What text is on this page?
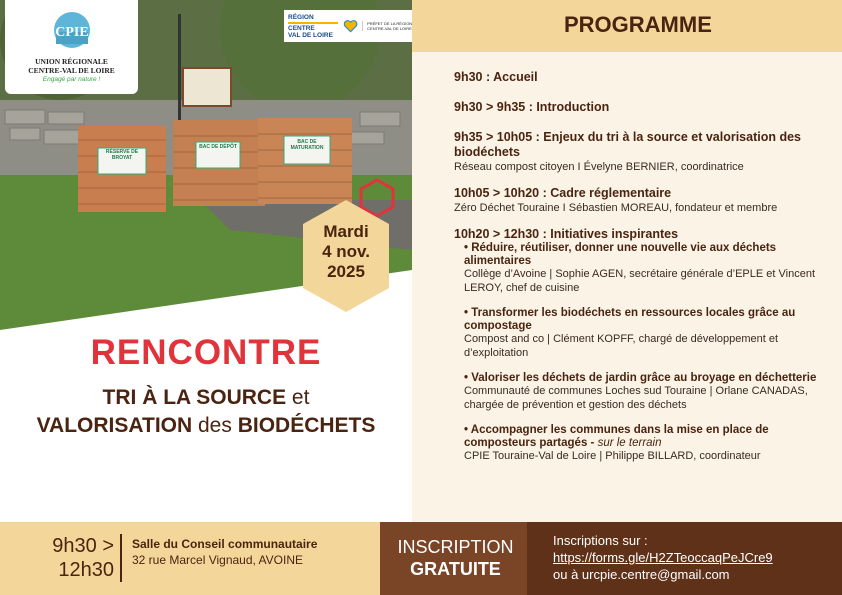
RÉSERVE DE BROYAT
BAC DE DÉPÔT
BAC DE MATURATION
CPIE
UNION RÉGIONALE
CENTRE-VAL DE LOIRE
Engagé par nature !
RÉGION
CENTRE
VAL DE LOIRE
PRÉFET DE LA RÉGION CENTRE-VAL DE LOIRE
Mardi
4 nov.
2025
RENCONTRE
TRI À LA SOURCE et
VALORISATION des BIODÉCHETS
PROGRAMME
9h30 : Accueil
9h30 > 9h35 : Introduction
9h35 > 10h05 : Enjeux du tri à la source et valorisation des biodéchets
Réseau compost citoyen I Évelyne BERNIER, coordinatrice
10h05 > 10h20 : Cadre réglementaire
Zéro Déchet Touraine I Sébastien MOREAU, fondateur et membre
10h20 > 12h30 : Initiatives inspirantes
• Réduire, réutiliser, donner une nouvelle vie aux déchets alimentaires
Collège d’Avoine | Sophie AGEN, secrétaire générale d’EPLE et Vincent LEROY, chef de cuisine
• Transformer les biodéchets en ressources locales grâce au compostage
Compost and co | Clément KOPFF, chargé de développement et d’exploitation
• Valoriser les déchets de jardin grâce au broyage en déchetterie
Communauté de communes Loches sud Touraine | Orlane CANADAS, chargée de prévention et gestion des déchets
• Accompagner les communes dans la mise en place de composteurs partagés - sur le terrain
CPIE Touraine-Val de Loire | Philippe BILLARD, coordinateur
9h30 >
12h30
Salle du Conseil communautaire
32 rue Marcel Vignaud, AVOINE
INSCRIPTION
GRATUITE
Inscriptions sur :
https://forms.gle/H2ZTeoccaqPeJCre9
ou à urcpie.centre@gmail.com
